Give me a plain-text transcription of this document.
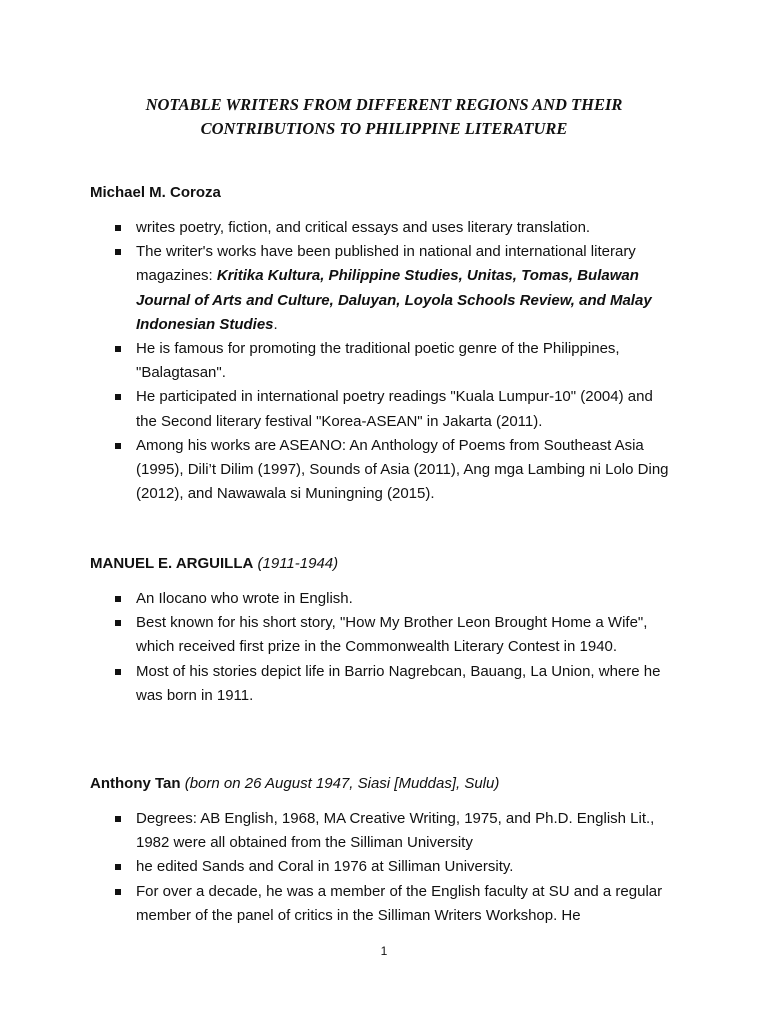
NOTABLE WRITERS FROM DIFFERENT REGIONS AND THEIR
CONTRIBUTIONS TO PHILIPPINE LITERATURE

Michael M. Coroza

writes poetry, fiction, and critical essays and uses literary translation.
The writer's works have been published in national and international literary magazines: Kritika Kultura, Philippine Studies, Unitas, Tomas, Bulawan Journal of Arts and Culture, Daluyan, Loyola Schools Review, and Malay Indonesian Studies.
He is famous for promoting the traditional poetic genre of the Philippines, "Balagtasan".
He participated in international poetry readings "Kuala Lumpur-10" (2004) and the Second literary festival "Korea-ASEAN" in Jakarta (2011).
Among his works are ASEANO: An Anthology of Poems from Southeast Asia (1995), Dili’t Dilim (1997), Sounds of Asia (2011), Ang mga Lambing ni Lolo Ding (2012), and Nawawala si Muningning (2015).

MANUEL E. ARGUILLA (1911-1944)

An Ilocano who wrote in English.
Best known for his short story, "How My Brother Leon Brought Home a Wife", which received first prize in the Commonwealth Literary Contest in 1940.
Most of his stories depict life in Barrio Nagrebcan, Bauang, La Union, where he was born in 1911.

Anthony Tan (born on 26 August 1947, Siasi [Muddas], Sulu)

Degrees: AB English, 1968, MA Creative Writing, 1975, and Ph.D. English Lit., 1982 were all obtained from the Silliman University
he edited Sands and Coral in 1976 at Silliman University.
For over a decade, he was a member of the English faculty at SU and a regular member of the panel of critics in the Silliman Writers Workshop. He

1
